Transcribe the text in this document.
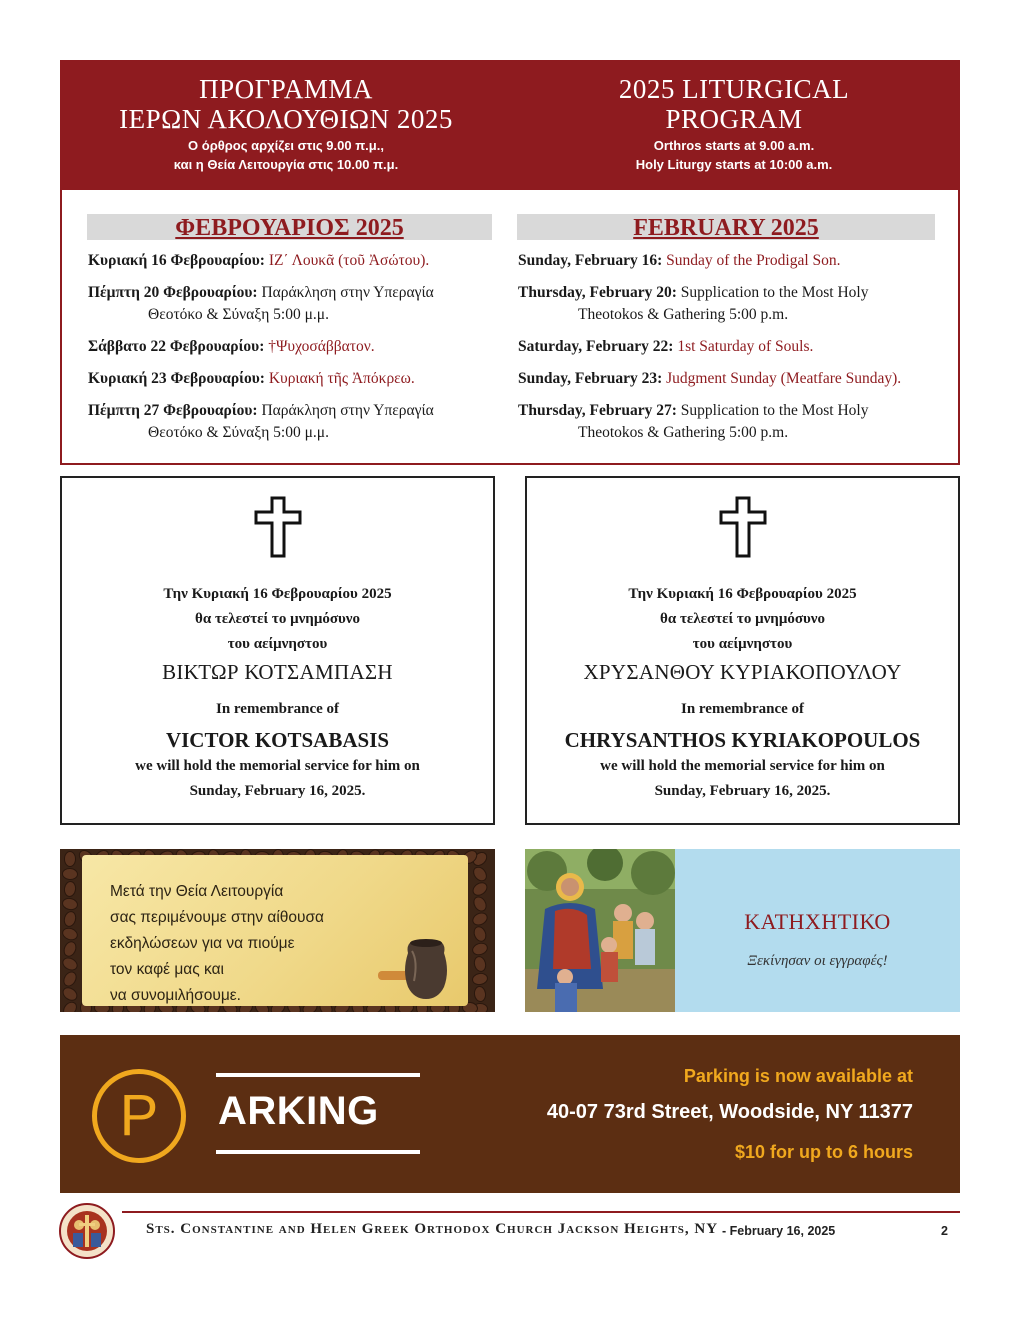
ΠΡΟΓΡΑΜΜΑ
ΙΕΡΩΝ ΑΚΟΛΟΥΘΙΩΝ 2025
Ο όρθρος αρχίζει στις 9.00 π.μ.,
και η Θεία Λειτουργία στις 10.00 π.μ.
2025 LITURGICAL
PROGRAM
Orthros starts at 9.00 a.m.
Holy Liturgy starts at 10:00 a.m.
ΦΕΒΡΟΥΑΡΙΟΣ 2025	FEBRUARY 2025
Κυριακή 16 Φεβρουαρίου: ΙΖ΄ Λουκᾶ (τοῦ Ἀσώτου).
Πέμπτη 20 Φεβρουαρίου: Παράκληση στην Υπεραγία
Θεοτόκο & Σύναξη 5:00 μ.μ.
Σάββατο 22 Φεβρουαρίου: †Ψυχοσάββατον.
Κυριακή 23 Φεβρουαρίου: Κυριακή τῆς Ἀπόκρεω.
Πέμπτη 27 Φεβρουαρίου: Παράκληση στην Υπεραγία
Θεοτόκο & Σύναξη 5:00 μ.μ.
Sunday, February 16: Sunday of the Prodigal Son.
Thursday, February 20: Supplication to the Most Holy
Theotokos & Gathering 5:00 p.m.
Saturday, February 22: 1st Saturday of Souls.
Sunday, February 23: Judgment Sunday (Meatfare Sunday).
Thursday, February 27: Supplication to the Most Holy
Theotokos & Gathering 5:00 p.m.
Την Κυριακή 16 Φεβρουαρίου 2025
θα τελεστεί το μνημόσυνο
του αείμνηστου
ΒΙΚΤΩΡ ΚΟΤΣΑΜΠΑΣΗ
In remembrance of
VICTOR KOTSABASIS
we will hold the memorial service for him on
Sunday, February 16, 2025.
Την Κυριακή 16 Φεβρουαρίου 2025
θα τελεστεί το μνημόσυνο
του αείμνηστου
ΧΡΥΣΑΝΘΟΥ ΚΥΡΙΑΚΟΠΟΥΛΟΥ
In remembrance of
CHRYSANTHOS KYRIAKOPOULOS
we will hold the memorial service for him on
Sunday, February 16, 2025.
Μετά την Θεία Λειτουργία
σας περιμένουμε στην αίθουσα
εκδηλώσεων για να πιούμε
τον καφέ μας και
να συνομιλήσουμε.
ΚΑΤΗΧΗΤΙΚΟ
Ξεκίνησαν οι εγγραφές!
P	ARKING
Parking is now available at
40-07 73rd Street, Woodside, NY 11377
$10 for up to 6 hours
Sts. Constantine and Helen Greek Orthodox Church Jackson Heights, NY - February 16, 2025	2
